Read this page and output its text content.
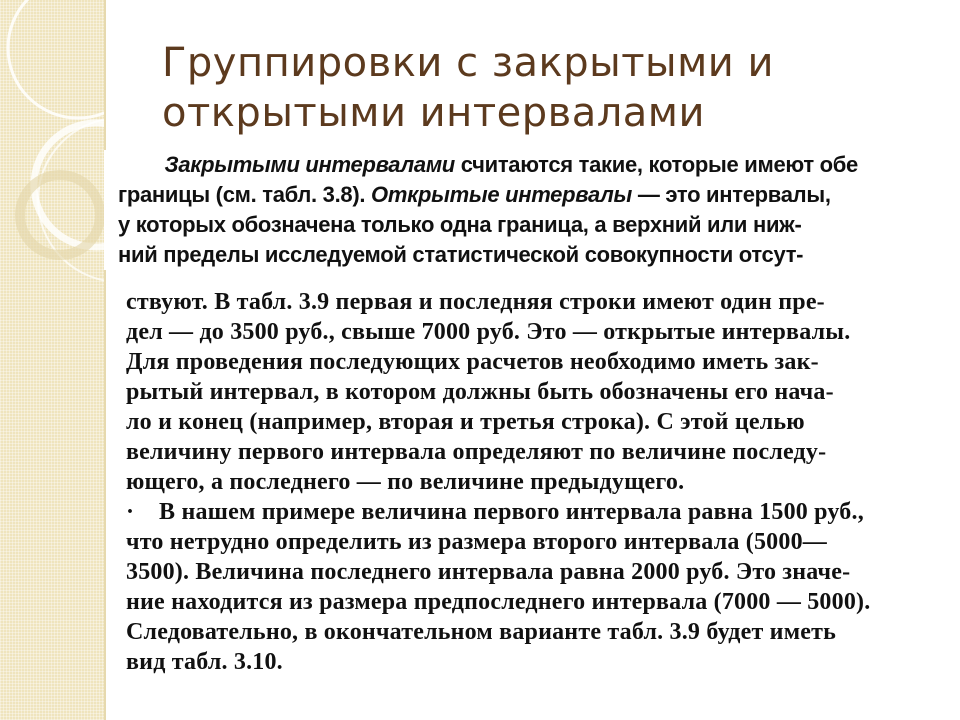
Группировки с закрытыми и
открытыми интервалами
Закрытыми интервалами считаются такие, которые имеют обе
границы (см. табл. 3.8). Открытые интервалы — это интервалы,
у которых обозначена только одна граница, а верхний или ниж-
ний пределы исследуемой статистической совокупности отсут-
ствуют. В табл. 3.9 первая и последняя строки имеют один пре-
дел — до 3500 руб., свыше 7000 руб. Это — открытые интервалы.
Для проведения последующих расчетов необходимо иметь зак-
рытый интервал, в котором должны быть обозначены его нача-
ло и конец (например, вторая и третья строка). С этой целью
величину первого интервала определяют по величине последу-
ющего, а последнего — по величине предыдущего.
· В нашем примере величина первого интервала равна 1500 руб.,
что нетрудно определить из размера второго интервала (5000—
3500). Величина последнего интервала равна 2000 руб. Это значе-
ние находится из размера предпоследнего интервала (7000 — 5000).
Следовательно, в окончательном варианте табл. 3.9 будет иметь
вид табл. 3.10.
